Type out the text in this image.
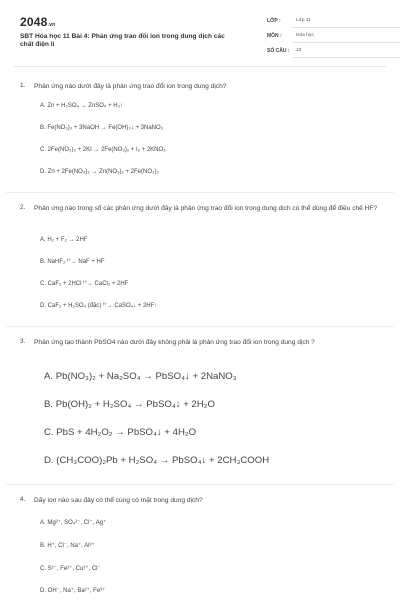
2048.vn
SBT Hóa học 11 Bài 4: Phản ứng trao đổi ion trong dung dịch các chất điện li
LỚP :	Lớp 11
MÔN :	Hóa học
SỐ CÂU : 13
1. Phản ứng nào dưới đây là phản ứng trao đổi ion trong dung dịch?
A. Zn + H₂SO₄ → ZnSO₄ + H₂↑
B. Fe(NO₃)₃ + 3NaOH → Fe(OH)₃↓ + 3NaNO₃
C. 2Fe(NO₃)₃ + 2KI → 2Fe(NO₃)₂ + I₂ + 2KNO₃
D. Zn + 2Fe(NO₃)₃ → Zn(NO₃)₂ + 2Fe(NO₃)₂
2. Phản ứng nào trong số các phản ứng dưới đây là phản ứng trao đổi ion trong dung dịch có thể dùng để điều chế HF?
A. H₂ + F₂ → 2HF
B. NaHF₂ ᵗ°→ NaF + HF
C. CaF₂ + 2HCl ᵗ°→ CaCl₂ + 2HF
D. CaF₂ + H₂SO₄ (đặc) ᵗ°→ CaSO₄↓ + 2HF↑
3. Phản ứng tạo thành PbSO4 nào dưới đây không phải là phản ứng trao đổi ion trong dung dịch ?
A. Pb(NO₃)₂ + Na₂SO₄ → PbSO₄↓ + 2NaNO₃
B. Pb(OH)₂ + H₂SO₄ → PbSO₄↓ + 2H₂O
C. PbS + 4H₂O₂ → PbSO₄↓ + 4H₂O
D. (CH₃COO)₂Pb + H₂SO₄ → PbSO₄↓ + 2CH₃COOH
4. Dãy ion nào sau đây có thể cùng có mặt trong dung dịch?
A. Mg²⁺, SO₄²⁻, Cl⁻, Ag⁺
B. H⁺, Cl⁻, Na⁺, Al³⁺
C. S²⁻, Fe²⁺, Cu²⁺, Cl⁻
D. OH⁻, Na⁺, Ba²⁺, Fe³⁺
